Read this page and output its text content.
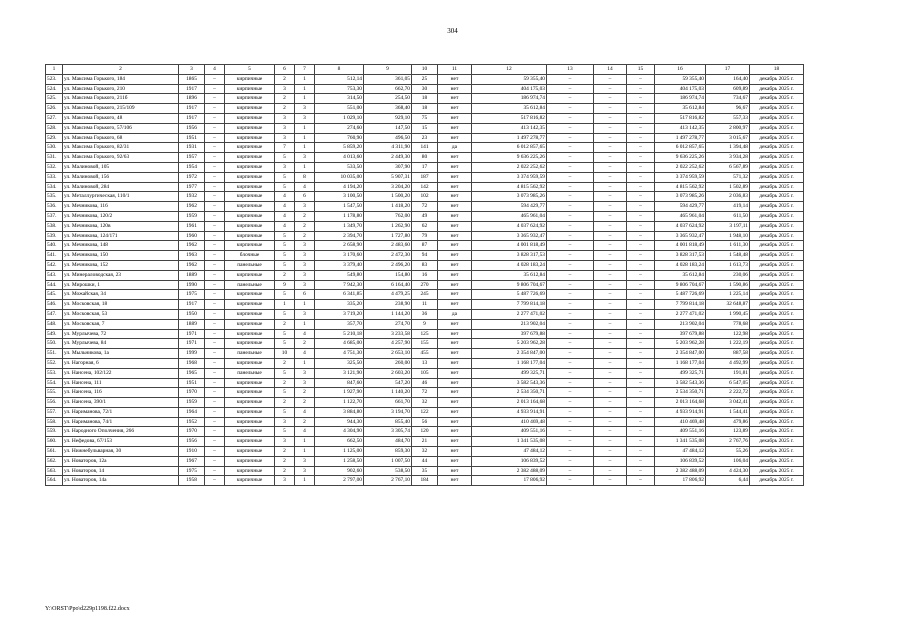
304
1	2	3	4	5	6	7	8	9	10	11	12	13	14	15	16	17	18
523.	ул. Максима Горького, 184	1865	–	кирпичные	2	1	512,14	361,05	25	нет	59 355,40	–	–	–	59 355,40	164,40	декабрь 2025 г.
524.	ул. Максима Горького, 210	1917	–	кирпичные	3	1	753,30	662,70	30	нет	404 175,03	–	–	–	404 175,03	609,89	декабрь 2025 г.
525.	ул. Максима Горького, 211б	1896	–	кирпичные	2	1	314,50	254,50	18	нет	186 974,74	–	–	–	186 974,74	734,67	декабрь 2025 г.
526.	ул. Максима Горького, 215/109	1917	–	кирпичные	2	3	551,00	368,40	18	нет	35 612,84	–	–	–	35 612,84	96,67	декабрь 2025 г.
527.	ул. Максима Горького, 48	1917	–	кирпичные	3	3	1 029,10	929,10	75	нет	517 816,82	–	–	–	517 816,82	557,33	декабрь 2025 г.
528.	ул. Максима Горького, 57/106	1956	–	кирпичные	3	1	274,60	147,50	15	нет	413 142,35	–	–	–	413 142,35	2 800,97	декабрь 2025 г.
529.	ул. Максима Горького, 68	1951	–	кирпичные	3	1	760,90	496,50	23	нет	1 497 278,77	–	–	–	1 497 278,77	3 015,67	декабрь 2025 г.
530.	ул. Максима Горького, 82/31	1931	–	кирпичные	7	1	5 859,20	4 311,90	141	да	6 012 857,65	–	–	–	6 012 857,65	1 394,48	декабрь 2025 г.
531.	ул. Максима Горького, 92/63	1957	–	кирпичные	5	3	4 013,60	2 449,30	80	нет	9 636 225,26	–	–	–	9 636 225,26	3 934,28	декабрь 2025 г.
532.	ул. Малиновой, 105	1954	–	кирпичные	3	1	533,50	307,90	17	нет	2 022 252,62	–	–	–	2 022 252,62	6 567,89	декабрь 2025 г.
533.	ул. Малиновой, 156	1972	–	кирпичные	5	8	10 035,00	5 907,31	187	нет	3 374 959,59	–	–	–	3 374 959,59	571,32	декабрь 2025 г.
534.	ул. Малиновой, 284	1977	–	кирпичные	5	4	4 194,20	3 204,20	142	нет	4 815 562,92	–	–	–	4 815 562,92	1 502,89	декабрь 2025 г.
535.	ул. Металлургическая, 110/1	1932	–	кирпичные	4	6	3 100,50	1 500,20	102	нет	3 073 985,26	–	–	–	3 073 985,26	2 036,83	декабрь 2025 г.
536.	ул. Мечникова, 116	1962	–	кирпичные	4	3	1 547,50	1 418,20	72	нет	594 429,77	–	–	–	594 429,77	419,14	декабрь 2025 г.
537.	ул. Мечникова, 120/2	1959	–	кирпичные	4	2	1 178,80	762,00	49	нет	465 961,04	–	–	–	465 961,04	611,50	декабрь 2025 г.
538.	ул. Мечникова, 120в	1961	–	кирпичные	4	2	1 349,70	1 262,90	62	нет	4 037 624,92	–	–	–	4 037 624,92	3 197,11	декабрь 2025 г.
539.	ул. Мечникова, 124/171	1960	–	кирпичные	5	2	2 394,70	1 727,80	79	нет	3 365 932,47	–	–	–	3 365 932,47	1 948,10	декабрь 2025 г.
540.	ул. Мечникова, 148	1962	–	кирпичные	5	3	2 658,90	2 483,60	87	нет	4 001 818,49	–	–	–	4 001 818,49	1 611,30	декабрь 2025 г.
541.	ул. Мечникова, 150	1963	–	блочные	5	3	3 170,60	2 472,30	94	нет	3 828 317,53	–	–	–	3 828 317,53	1 548,48	декабрь 2025 г.
542.	ул. Мечникова, 152	1962	–	панельные	5	3	3 379,40	2 496,20	83	нет	4 028 183,24	–	–	–	4 028 183,24	1 613,73	декабрь 2025 г.
543.	ул. Минераловодская, 23	1889	–	кирпичные	2	3	549,80	154,80	16	нет	35 612,84	–	–	–	35 612,84	230,06	декабрь 2025 г.
544.	ул. Мирошки, 1	1990	–	панельные	9	3	7 942,30	6 164,40	270	нет	9 806 704,67	–	–	–	9 806 704,67	1 590,86	декабрь 2025 г.
545.	ул. Можайская, 34	1975	–	кирпичные	5	6	6 341,85	4 479,25	245	нет	5 487 726,69	–	–	–	5 487 726,69	1 225,14	декабрь 2025 г.
546.	ул. Московская, 18	1917	–	кирпичные	1	1	335,20	238,90	11	нет	7 799 814,18	–	–	–	7 799 814,18	32 648,87	декабрь 2025 г.
547.	ул. Московская, 53	1950	–	кирпичные	5	3	3 719,20	1 144,20	36	да	2 277 471,02	–	–	–	2 277 471,02	1 990,45	декабрь 2025 г.
548.	ул. Московская, 7	1889	–	кирпичные	2	1	357,70	274,70	9	нет	213 902,04	–	–	–	213 902,04	778,68	декабрь 2025 г.
549.	ул. Мурлычева, 72	1971	–	кирпичные	5	4	5 210,18	3 233,58	125	нет	397 679,88	–	–	–	397 679,88	122,98	декабрь 2025 г.
550.	ул. Мурлычева, 84	1971	–	кирпичные	5	2	4 685,00	4 257,90	155	нет	5 203 962,28	–	–	–	5 203 962,28	1 222,19	декабрь 2025 г.
551.	ул. Мыльникова, 1а	1999	–	панельные	10	4	4 751,30	2 653,10	455	нет	2 354 847,00	–	–	–	2 354 847,00	887,58	декабрь 2025 г.
552.	ул. Нагорная, 6	1968	–	кирпичные	2	1	325,50	260,00	13	нет	1 168 177,04	–	–	–	1 168 177,04	4 492,99	декабрь 2025 г.
553.	ул. Нансена, 102/122	1965	–	панельные	5	3	3 121,90	2 603,20	105	нет	499 325,71	–	–	–	499 325,71	191,81	декабрь 2025 г.
554.	ул. Нансена, 111	1951	–	кирпичные	2	3	847,60	547,20	46	нет	3 582 543,36	–	–	–	3 582 543,36	6 547,05	декабрь 2025 г.
555.	ул. Нансена, 116	1970	–	кирпичные	5	2	1 927,90	1 140,20	72	нет	2 534 350,71	–	–	–	2 534 350,71	2 222,72	декабрь 2025 г.
556.	ул. Нансена, 390/1	1959	–	кирпичные	2	2	1 122,70	661,70	32	нет	2 013 164,68	–	–	–	2 013 164,68	3 042,41	декабрь 2025 г.
557.	ул. Нариманова, 72/1	1964	–	кирпичные	5	4	3 884,80	3 194,70	122	нет	4 933 914,91	–	–	–	4 933 914,91	1 544,41	декабрь 2025 г.
558.	ул. Нариманова, 74/1	1952	–	кирпичные	3	2	944,30	855,40	56	нет	410 469,48	–	–	–	410 469,48	479,86	декабрь 2025 г.
559.	ул. Народного Ополчения, 266	1970	–	кирпичные	5	4	4 304,90	3 305,74	120	нет	409 551,16	–	–	–	409 551,16	123,89	декабрь 2025 г.
560.	ул. Нефедова, 67/153	1956	–	кирпичные	3	1	662,50	484,70	21	нет	1 341 535,08	–	–	–	1 341 535,08	2 767,76	декабрь 2025 г.
561.	ул. Нижнебульварная, 30	1910	–	кирпичные	2	1	1 125,00	859,30	32	нет	47 484,12	–	–	–	47 484,12	55,26	декабрь 2025 г.
562.	ул. Новаторов, 12а	1967	–	кирпичные	2	3	1 258,50	1 007,50	44	нет	106 839,52	–	–	–	106 839,52	106,04	декабрь 2025 г.
563.	ул. Новаторов, 14	1975	–	кирпичные	2	3	902,60	538,50	35	нет	2 382 488,09	–	–	–	2 382 488,09	4 424,30	декабрь 2025 г.
564.	ул. Новаторов, 14а	1958	–	кирпичные	3	1	2 797,00	2 767,10	184	нет	17 806,92	–	–	–	17 806,92	6,44	декабрь 2025 г.
Y:\ORST\Ppo\d229p1198.f22.docx
